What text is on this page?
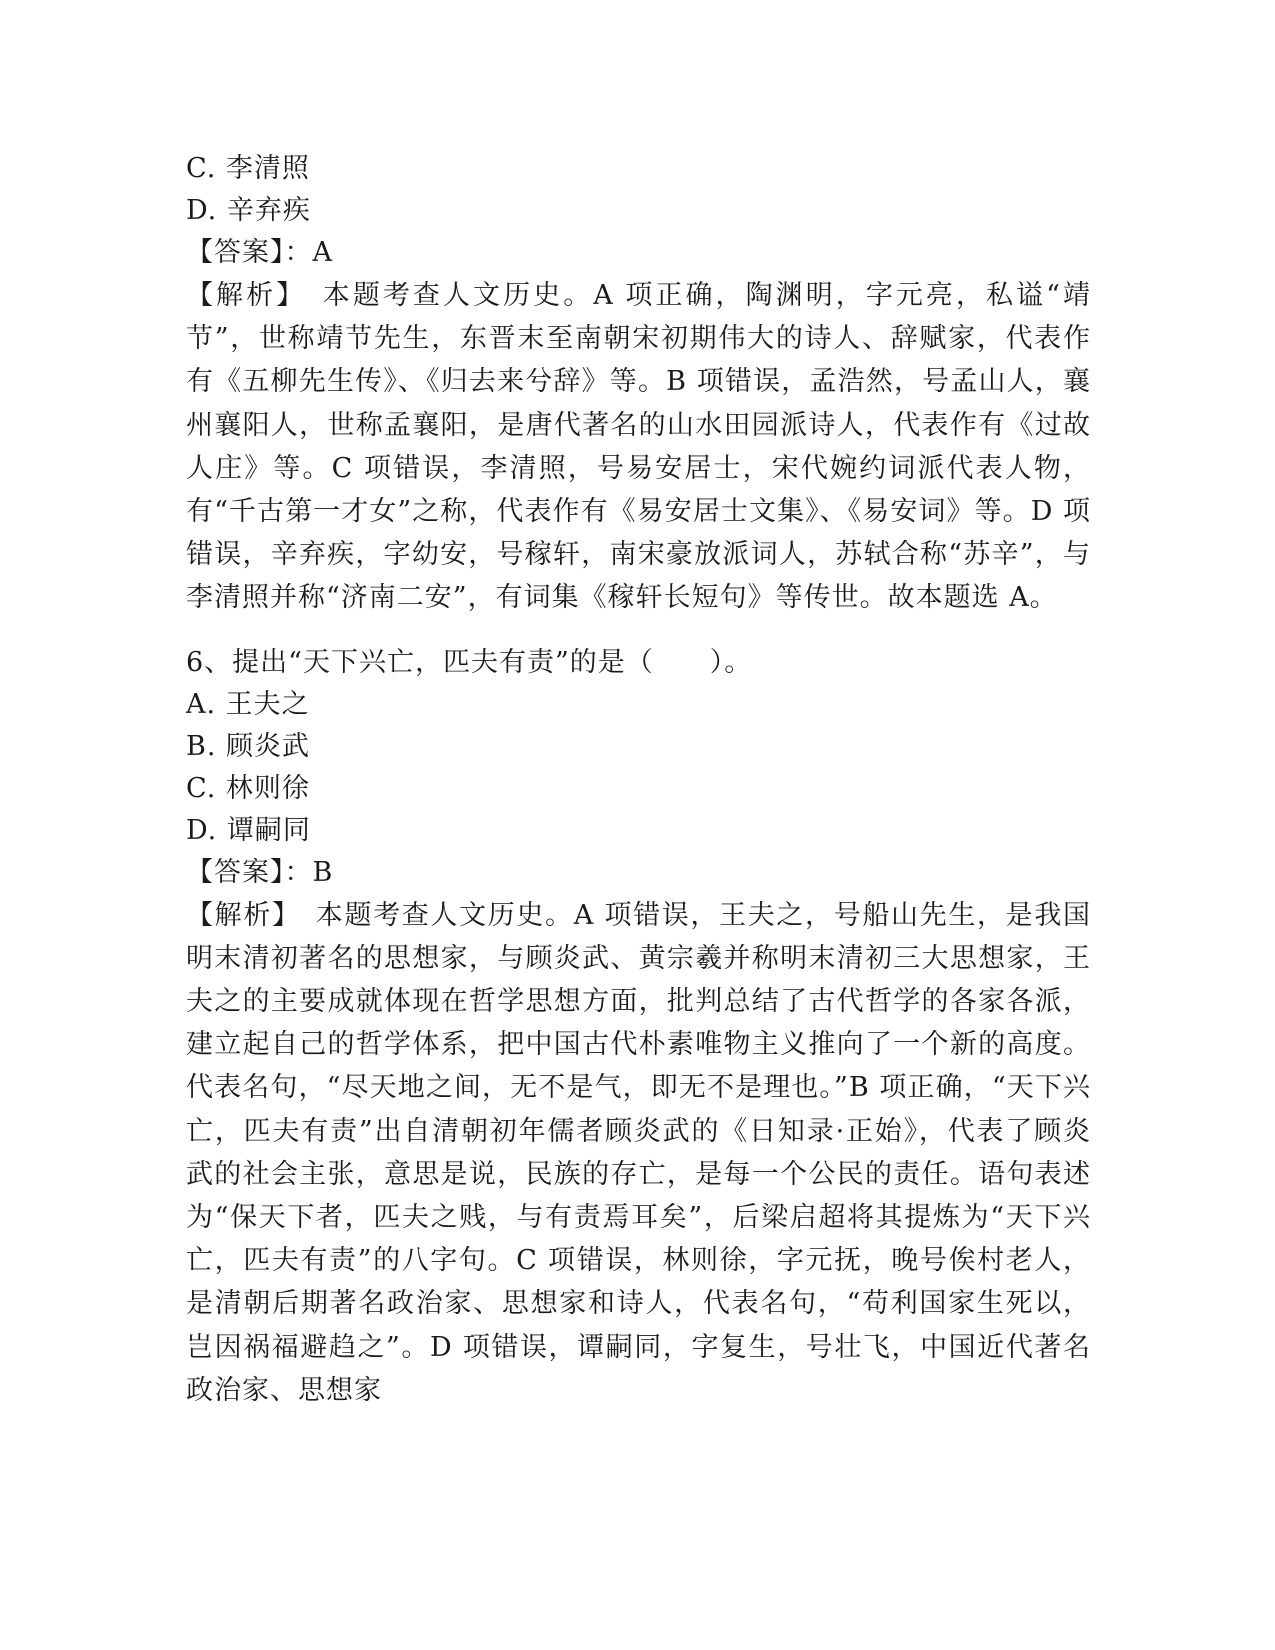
C. 李清照
D. 辛弃疾
【答案】：A
【解析】　本题考查人文历史。A 项正确，陶渊明，字元亮，私谥“靖节”，世称靖节先生，东晋末至南朝宋初期伟大的诗人、辞赋家，代表作有《五柳先生传》、《归去来兮辞》等。B 项错误，孟浩然，号孟山人，襄州襄阳人，世称孟襄阳，是唐代著名的山水田园派诗人，代表作有《过故人庄》等。C 项错误，李清照，号易安居士，宋代婉约词派代表人物，有“千古第一才女”之称，代表作有《易安居士文集》、《易安词》等。D 项错误，辛弃疾，字幼安，号稼轩，南宋豪放派词人，苏轼合称“苏辛”，与李清照并称“济南二安”，有词集《稼轩长短句》等传世。故本题选 A。
6、提出“天下兴亡，匹夫有责”的是（　　）。
A. 王夫之
B. 顾炎武
C. 林则徐
D. 谭嗣同
【答案】：B
【解析】　本题考查人文历史。A 项错误，王夫之，号船山先生，是我国明末清初著名的思想家，与顾炎武、黄宗羲并称明末清初三大思想家，王夫之的主要成就体现在哲学思想方面，批判总结了古代哲学的各家各派，建立起自己的哲学体系，把中国古代朴素唯物主义推向了一个新的高度。代表名句，“尽天地之间，无不是气，即无不是理也。”B 项正确，“天下兴亡，匹夫有责”出自清朝初年儒者顾炎武的《日知录·正始》，代表了顾炎武的社会主张，意思是说，民族的存亡，是每一个公民的责任。语句表述为“保天下者，匹夫之贱，与有责焉耳矣”，后梁启超将其提炼为“天下兴亡，匹夫有责”的八字句。C 项错误，林则徐，字元抚，晚号俟村老人，是清朝后期著名政治家、思想家和诗人，代表名句，“苟利国家生死以，岂因祸福避趋之”。D 项错误，谭嗣同，字复生，号壮飞，中国近代著名政治家、思想家
